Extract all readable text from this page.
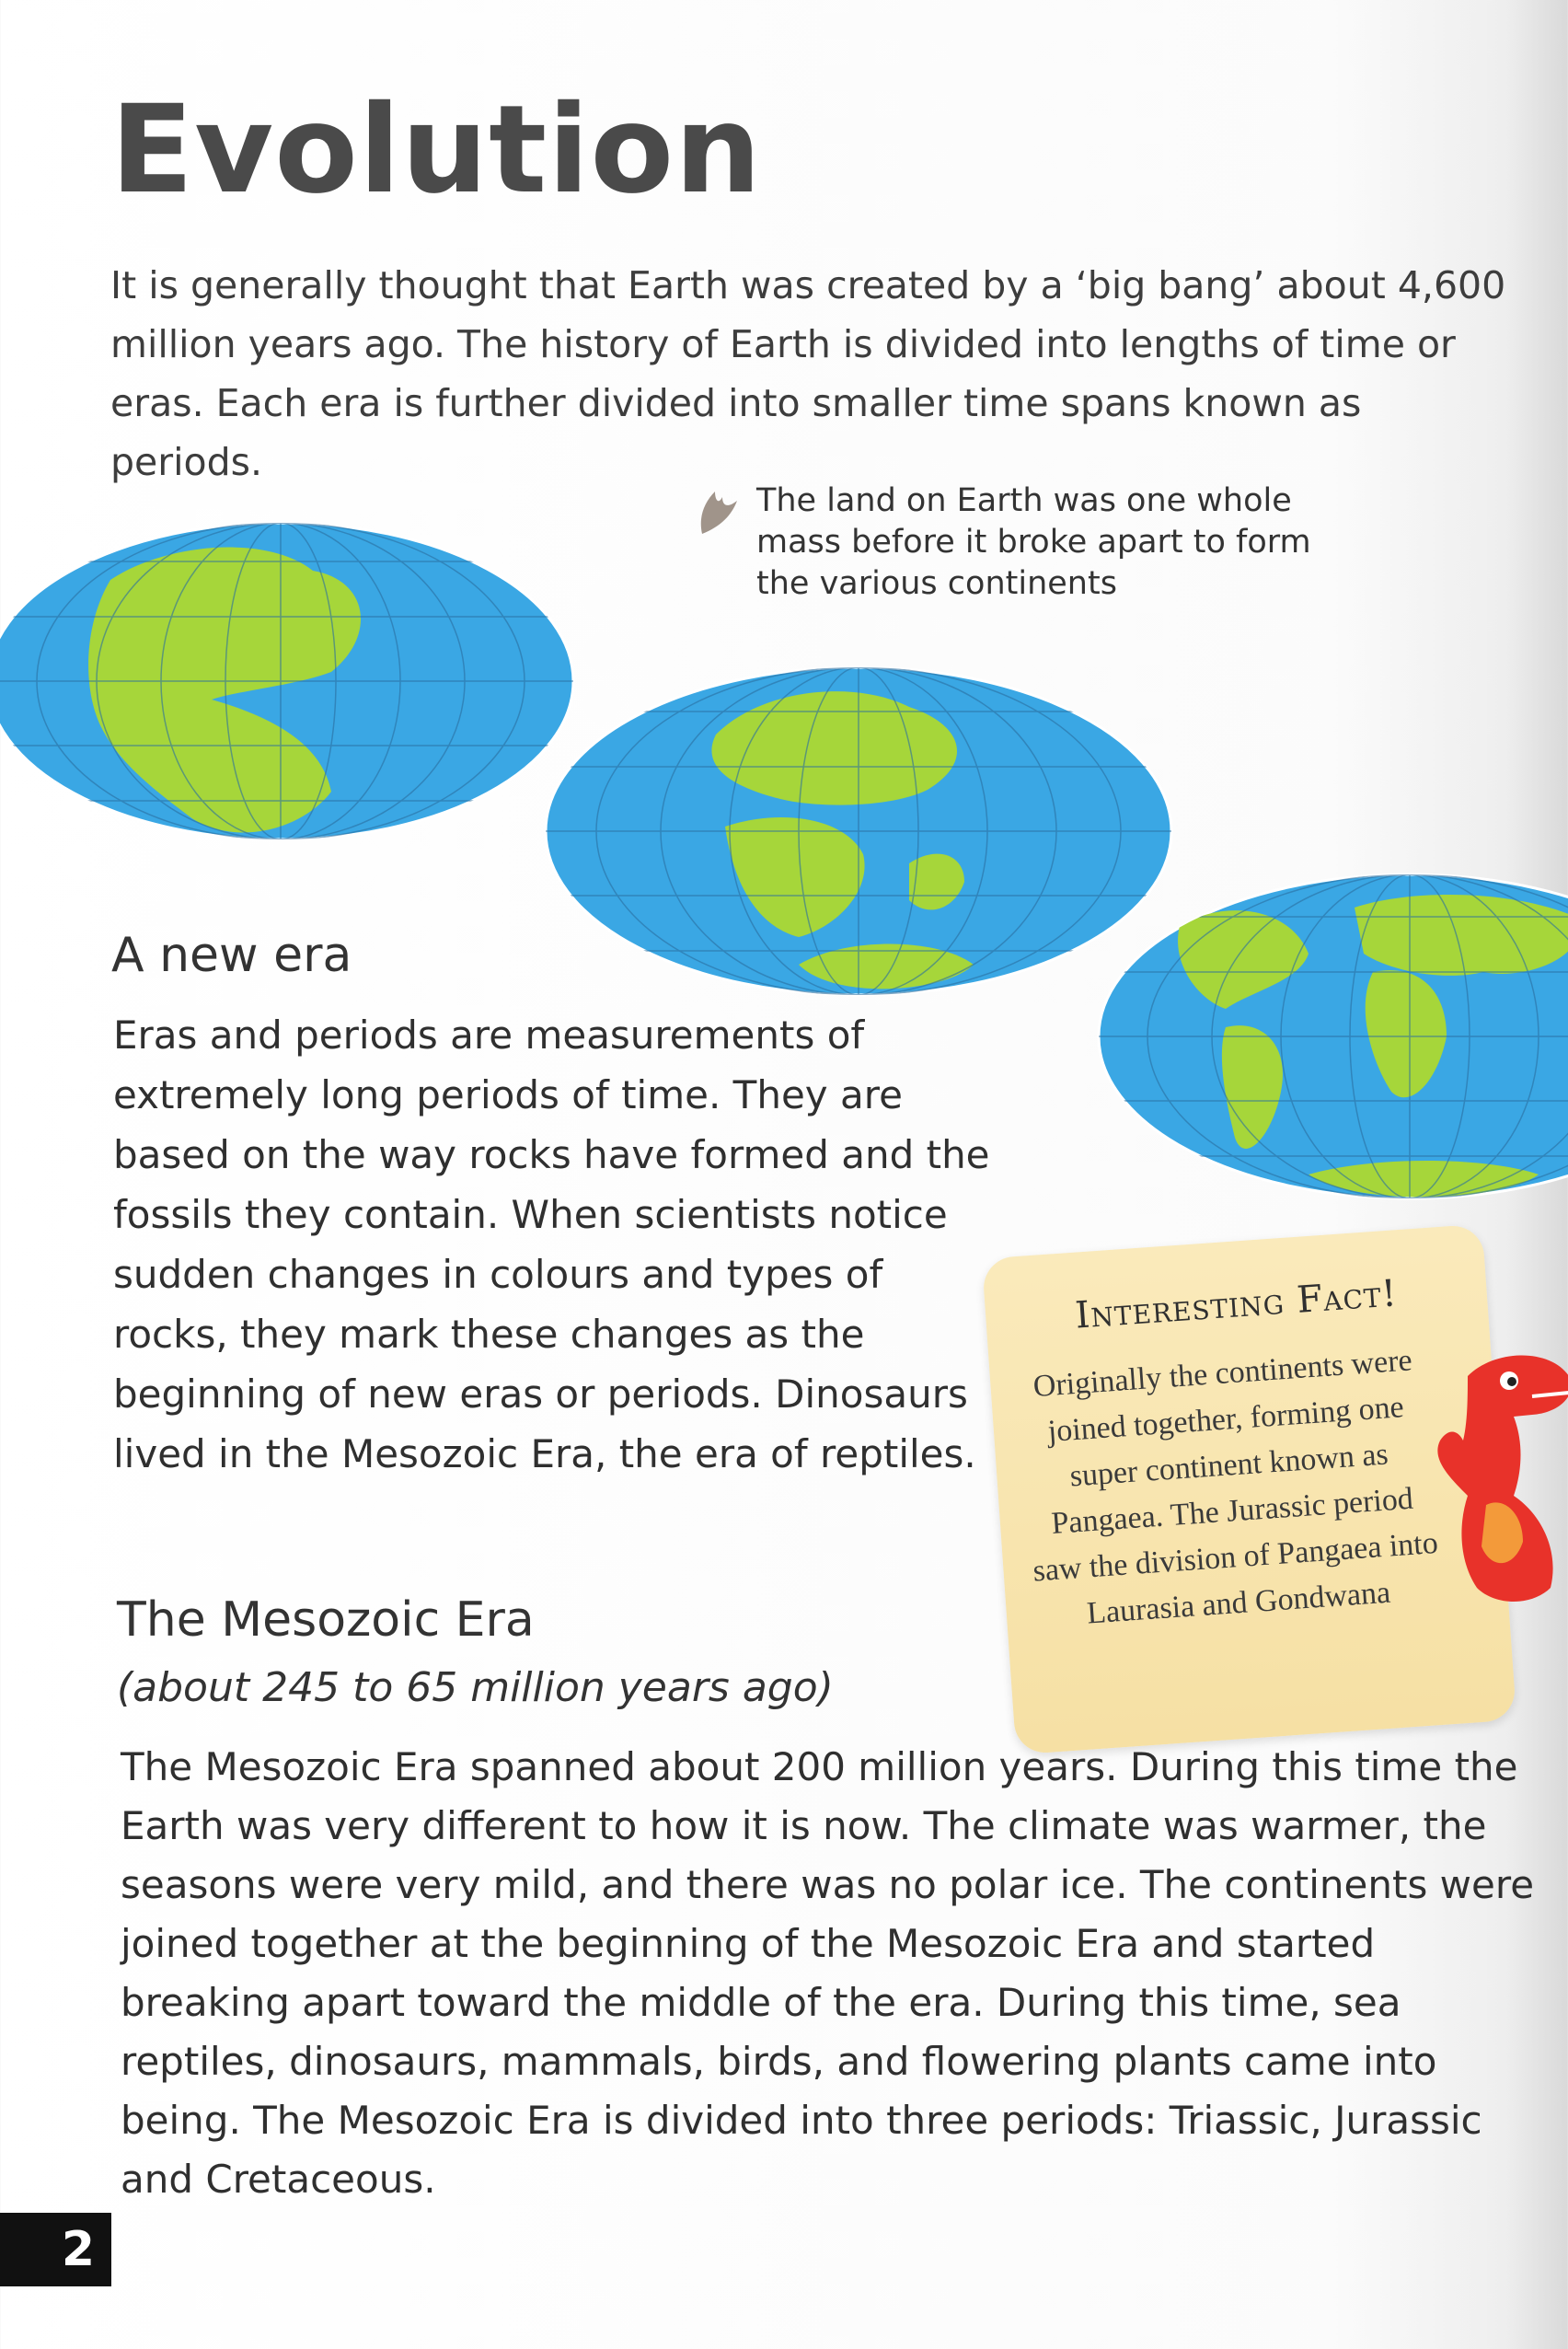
Evolution

It is generally thought that Earth was created by a ‘big bang’ about 4,600 million years ago. The history of Earth is divided into lengths of time or eras. Each era is further divided into smaller time spans known as periods.

The land on Earth was one whole mass before it broke apart to form the various continents

A new era

Eras and periods are measurements of extremely long periods of time. They are based on the way rocks have formed and the fossils they contain. When scientists notice sudden changes in colours and types of rocks, they mark these changes as the beginning of new eras or periods. Dinosaurs lived in the Mesozoic Era, the era of reptiles.

Interesting Fact!

Originally the continents were joined together, forming one super continent known as Pangaea. The Jurassic period saw the division of Pangaea into Laurasia and Gondwana

The Mesozoic Era

(about 245 to 65 million years ago)

The Mesozoic Era spanned about 200 million years. During this time the Earth was very different to how it is now. The climate was warmer, the seasons were very mild, and there was no polar ice. The continents were joined together at the beginning of the Mesozoic Era and started breaking apart toward the middle of the era. During this time, sea reptiles, dinosaurs, mammals, birds, and flowering plants came into being. The Mesozoic Era is divided into three periods: Triassic, Jurassic and Cretaceous.

2
